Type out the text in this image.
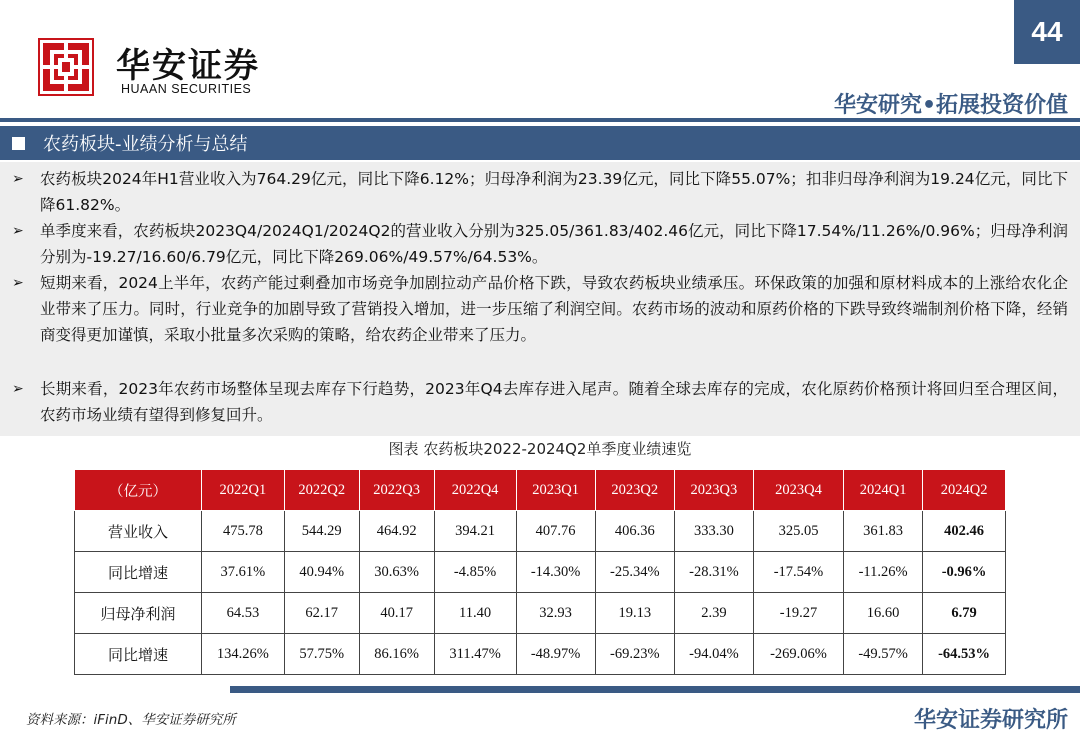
44
华安证券
HUAAN SECURITIES
华安研究•拓展投资价值
农药板块-业绩分析与总结
➢	农药板块2024年H1营业收入为764.29亿元，同比下降6.12%；归母净利润为23.39亿元，同比下降55.07%；扣非归母净利润为19.24亿元，同比下降61.82%。
➢	单季度来看，农药板块2023Q4/2024Q1/2024Q2的营业收入分别为325.05/361.83/402.46亿元，同比下降17.54%/11.26%/0.96%；归母净利润分别为-19.27/16.60/6.79亿元，同比下降269.06%/49.57%/64.53%。
➢	短期来看，2024上半年，农药产能过剩叠加市场竞争加剧拉动产品价格下跌，导致农药板块业绩承压。环保政策的加强和原材料成本的上涨给农化企业带来了压力。同时，行业竞争的加剧导致了营销投入增加，进一步压缩了利润空间。农药市场的波动和原药价格的下跌导致终端制剂价格下降，经销商变得更加谨慎，采取小批量多次采购的策略，给农药企业带来了压力。
➢	长期来看，2023年农药市场整体呈现去库存下行趋势，2023年Q4去库存进入尾声。随着全球去库存的完成，农化原药价格预计将回归至合理区间，农药市场业绩有望得到修复回升。
图表 农药板块2022-2024Q2单季度业绩速览
（亿元）	2022Q1	2022Q2	2022Q3	2022Q4	2023Q1	2023Q2	2023Q3	2023Q4	2024Q1	2024Q2
营业收入	475.78	544.29	464.92	394.21	407.76	406.36	333.30	325.05	361.83	402.46
同比增速	37.61%	40.94%	30.63%	-4.85%	-14.30%	-25.34%	-28.31%	-17.54%	-11.26%	-0.96%
归母净利润	64.53	62.17	40.17	11.40	32.93	19.13	2.39	-19.27	16.60	6.79
同比增速	134.26%	57.75%	86.16%	311.47%	-48.97%	-69.23%	-94.04%	-269.06%	-49.57%	-64.53%
资料来源：iFinD、华安证券研究所	华安证券研究所
